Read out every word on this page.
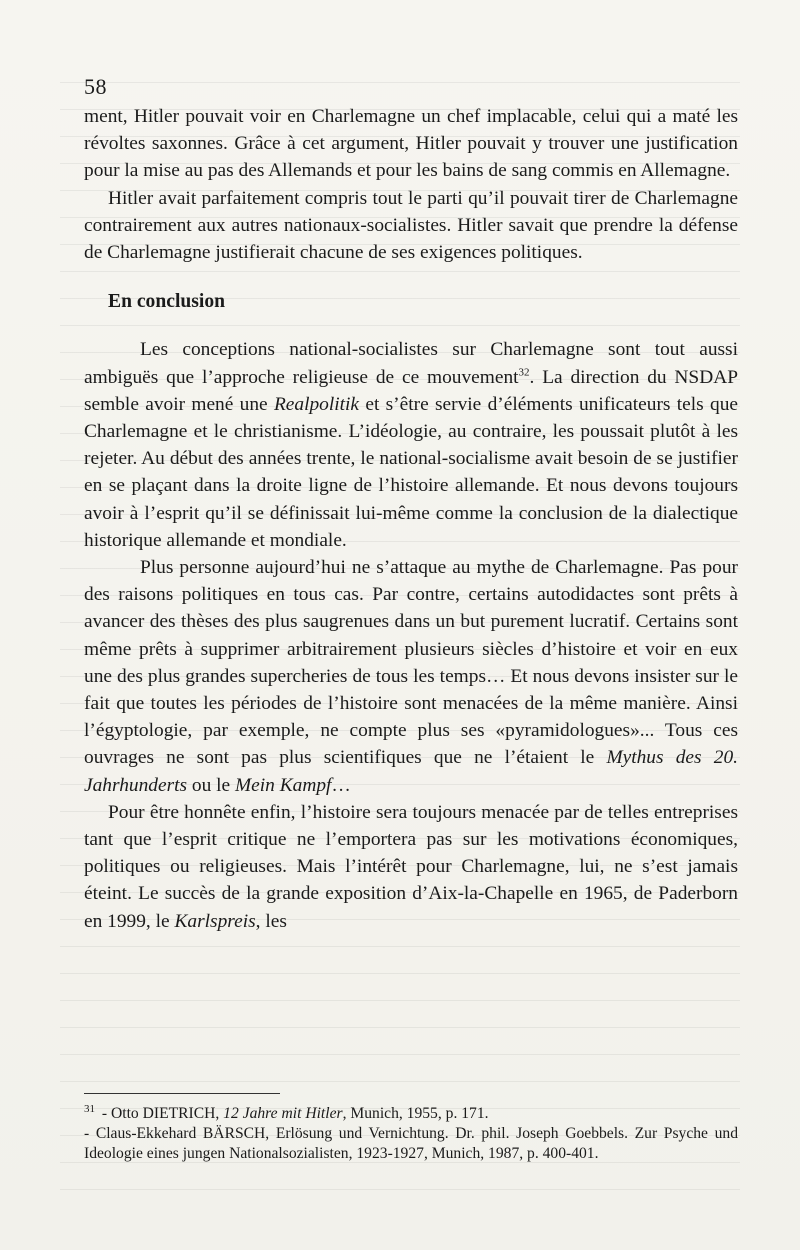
58

ment, Hitler pouvait voir en Charlemagne un chef implacable, celui qui a maté les révoltes saxonnes. Grâce à cet argument, Hitler pouvait y trouver une justification pour la mise au pas des Allemands et pour les bains de sang commis en Allemagne.

Hitler avait parfaitement compris tout le parti qu’il pouvait tirer de Charlemagne contrairement aux autres nationaux-socialistes. Hitler savait que prendre la défense de Charlemagne justifierait chacune de ses exigences politiques.

En conclusion

Les conceptions national-socialistes sur Charlemagne sont tout aussi ambiguës que l’approche religieuse de ce mouvement$^{32}$. La direction du NSDAP semble avoir mené une Realpolitik et s’être servie d’éléments unificateurs tels que Charlemagne et le christianisme. L’idéologie, au contraire, les poussait plutôt à les rejeter. Au début des années trente, le national-socialisme avait besoin de se justifier en se plaçant dans la droite ligne de l’histoire allemande. Et nous devons toujours avoir à l’esprit qu’il se définissait lui-même comme la conclusion de la dialectique historique allemande et mondiale.

Plus personne aujourd’hui ne s’attaque au mythe de Charlemagne. Pas pour des raisons politiques en tous cas. Par contre, certains autodidactes sont prêts à avancer des thèses des plus saugrenues dans un but purement lucratif. Certains sont même prêts à supprimer arbitrairement plusieurs siècles d’histoire et voir en eux une des plus grandes supercheries de tous les temps… Et nous devons insister sur le fait que toutes les périodes de l’histoire sont menacées de la même manière. Ainsi l’égyptologie, par exemple, ne compte plus ses «pyramidologues»... Tous ces ouvrages ne sont pas plus scientifiques que ne l’étaient le Mythus des 20. Jahrhunderts ou le Mein Kampf…

Pour être honnête enfin, l’histoire sera toujours menacée par de telles entreprises tant que l’esprit critique ne l’emportera pas sur les motivations économiques, politiques ou religieuses. Mais l’intérêt pour Charlemagne, lui, ne s’est jamais éteint. Le succès de la grande exposition d’Aix-la-Chapelle en 1965, de Paderborn en 1999, le Karlspreis, les

$^{31}$ - Otto DIETRICH, 12 Jahre mit Hitler, Munich, 1955, p. 171.

- Claus-Ekkehard BÄRSCH, Erlösung und Vernichtung. Dr. phil. Joseph Goebbels. Zur Psyche und Ideologie eines jungen Nationalsozialisten, 1923-1927, Munich, 1987, p. 400-401.
